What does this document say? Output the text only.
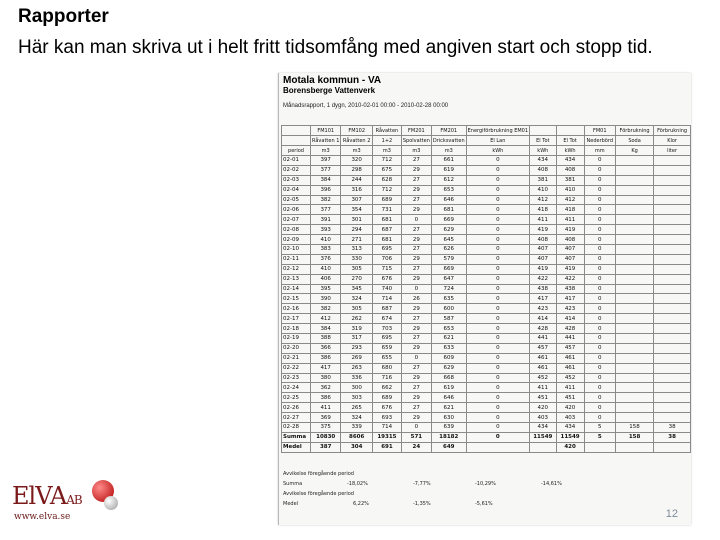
Rapporter
Här kan man skriva ut i helt fritt tidsomfång med angiven start och stopp tid.
Motala kommun - VA
Borensberge Vattenverk
Månadsrapport, 1 dygn, 2010-02-01 00:00 - 2010-02-28 00:00
	FM101	FM102	Råvatten	FM201	FM201	Energiförbrukning EM01			FM01	Förbrukning	Förbrukning
	Råvatten 1	Råvatten 2	1+2	Spolvatten	Dricksvatten	El Lan	El Tot	El Tot	Nederbörd	Soda	Klor
period	m3	m3	m3	m3	m3	kWh	kWh	kWh	mm	Kg	liter
02-01	397	320	712	27	661	0	434	434	0		
02-02	377	298	675	29	619	0	408	408	0		
02-03	384	244	628	27	612	0	381	381	0		
02-04	396	316	712	29	653	0	410	410	0		
02-05	382	307	689	27	646	0	412	412	0		
02-06	377	354	731	29	681	0	418	418	0		
02-07	391	301	681	0	669	0	411	411	0		
02-08	393	294	687	27	629	0	419	419	0		
02-09	410	271	681	29	645	0	408	408	0		
02-10	383	313	695	27	626	0	407	407	0		
02-11	376	330	706	29	579	0	407	407	0		
02-12	410	305	715	27	669	0	419	419	0		
02-13	406	270	676	29	647	0	422	422	0		
02-14	395	345	740	0	724	0	438	438	0		
02-15	390	324	714	26	635	0	417	417	0		
02-16	382	305	687	29	600	0	423	423	0		
02-17	412	262	674	27	587	0	414	414	0		
02-18	384	319	703	29	653	0	428	428	0		
02-19	388	317	695	27	621	0	441	441	0		
02-20	366	293	659	29	633	0	457	457	0		
02-21	386	269	655	0	609	0	461	461	0		
02-22	417	263	680	27	629	0	461	461	0		
02-23	380	336	716	29	668	0	452	452	0		
02-24	362	300	662	27	619	0	411	411	0		
02-25	386	303	689	29	646	0	451	451	0		
02-26	411	265	676	27	621	0	420	420	0		
02-27	369	324	693	29	630	0	403	403	0		
02-28	375	339	714	0	639	0	434	434	5	158	38
Summa	10830	8606	19315	571	18182	0	11549	11549	5	158	38
Medel	387	304	691	24	649			420			
Avvikelse föregående period
Summa	-18,02%	-7,77%	-10,29%	-14,61%
Avvikelse föregående period
Medel	6,22%	-1,35%	-5,61%
ElVAAB
www.elva.se	12
